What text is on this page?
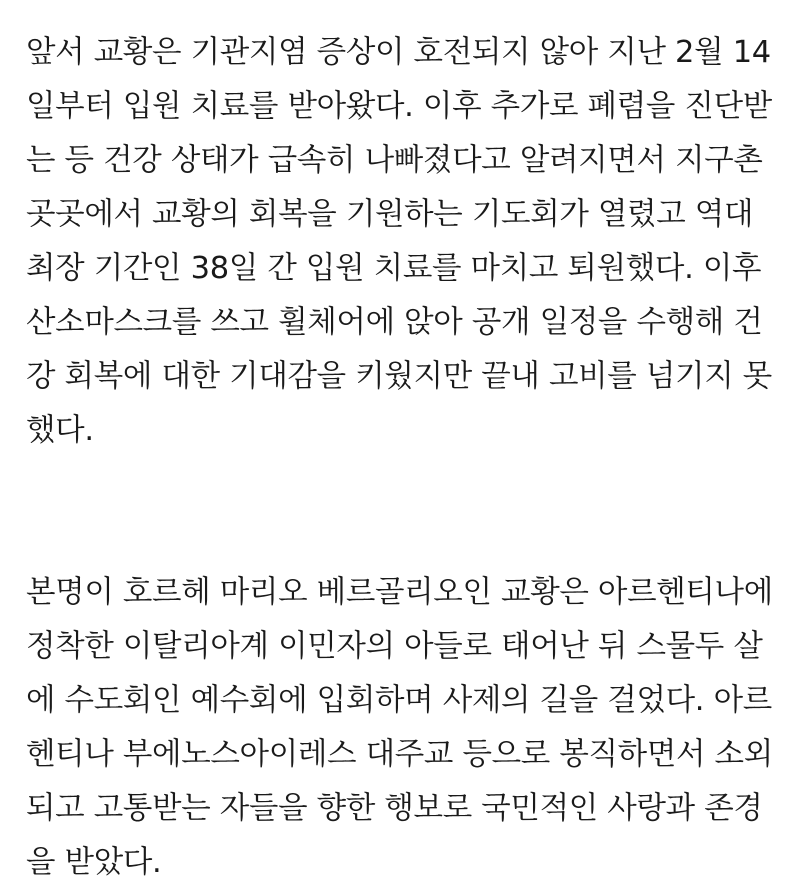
앞서 교황은 기관지염 증상이 호전되지 않아 지난 2월 14
일부터 입원 치료를 받아왔다. 이후 추가로 폐렴을 진단받
는 등 건강 상태가 급속히 나빠졌다고 알려지면서 지구촌
곳곳에서 교황의 회복을 기원하는 기도회가 열렸고 역대
최장 기간인 38일 간 입원 치료를 마치고 퇴원했다. 이후
산소마스크를 쓰고 휠체어에 앉아 공개 일정을 수행해 건
강 회복에 대한 기대감을 키웠지만 끝내 고비를 넘기지 못
했다.

본명이 호르헤 마리오 베르골리오인 교황은 아르헨티나에
정착한 이탈리아계 이민자의 아들로 태어난 뒤 스물두 살
에 수도회인 예수회에 입회하며 사제의 길을 걸었다. 아르
헨티나 부에노스아이레스 대주교 등으로 봉직하면서 소외
되고 고통받는 자들을 향한 행보로 국민적인 사랑과 존경
을 받았다.
